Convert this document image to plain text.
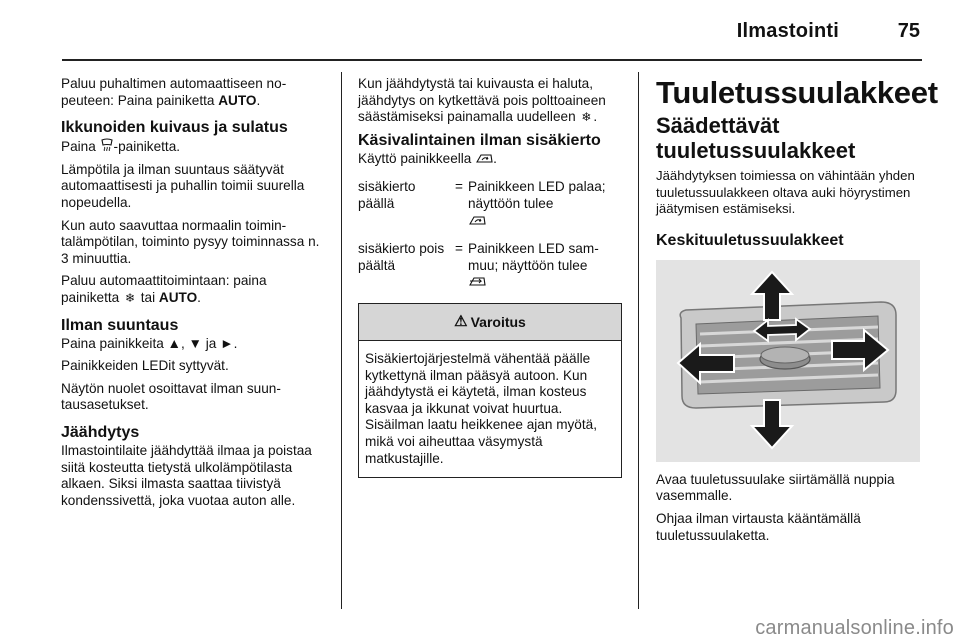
Ilmastointi	75

Paluu puhaltimen automaattiseen nopeuteen: Paina painiketta AUTO.

Ikkunoiden kuivaus ja sulatus

Paina -painiketta.

Lämpötila ja ilman suuntaus säätyvät automaattisesti ja puhallin toimii suurella nopeudella.

Kun auto saavuttaa normaalin toimintalämpötilan, toiminto pysyy toiminnassa n. 3 minuuttia.

Paluu automaattitoimintaan: paina painiketta ❄ tai AUTO.

Ilman suuntaus

Paina painikkeita ▲, ▼ ja ►.

Painikkeiden LEDit syttyvät.

Näytön nuolet osoittavat ilman suuntausasetukset.

Jäähdytys

Ilmastointilaite jäähdyttää ilmaa ja poistaa siitä kosteutta tietystä ulkolämpötilasta alkaen. Siksi ilmasta saattaa tiivistyä kondenssivettä, joka vuotaa auton alle.

Kun jäähdytystä tai kuivausta ei haluta, jäähdytys on kytkettävä pois polttoaineen säästämiseksi painamalla uudelleen ❄ .

Käsivalintainen ilman sisäkierto

Käyttö painikkeella .

sisäkierto päällä
= Painikkeen LED palaa; näyttöön tulee

sisäkierto pois päältä
= Painikkeen LED sammuu; näyttöön tulee

⚠ Varoitus
Sisäkiertojärjestelmä vähentää päälle kytkettynä ilman pääsyä autoon. Kun jäähdytystä ei käytetä, ilman kosteus kasvaa ja ikkunat voivat huurtua. Sisäilman laatu heikkenee ajan myötä, mikä voi aiheuttaa väsymystä matkustajille.
Tuuletussuulakkeet
Säädettävät tuuletussuulakkeet

Jäähdytyksen toimiessa on vähintään yhden tuuletussuulakkeen oltava auki höyrystimen jäätymisen estämiseksi.

Keskituuletussuulakkeet

Avaa tuuletussuulake siirtämällä nuppia vasemmalle.

Ohjaa ilman virtausta kääntämällä tuuletussuulaketta.

carmanualsonline.info
